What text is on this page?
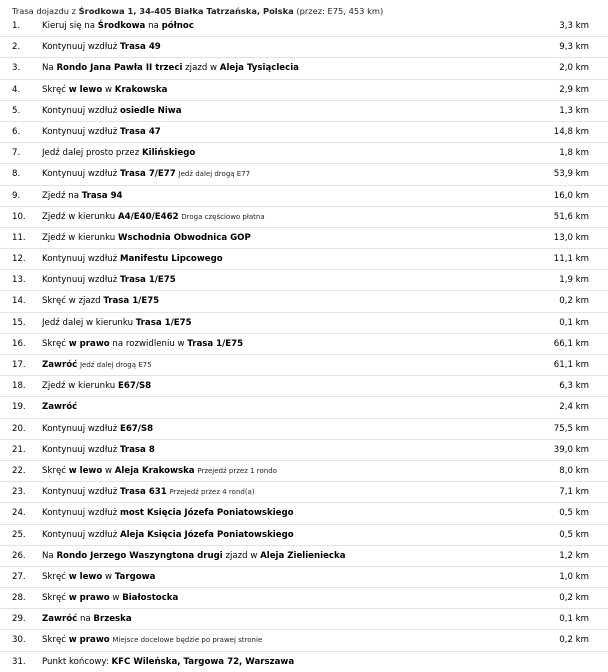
Trasa dojazdu z Środkowa 1, 34-405 Białka Tatrzańska, Polska (przez: E75, 453 km)
1.	Kieruj się na Środkowa na północ	3,3 km
2.	Kontynuuj wzdłuż Trasa 49	9,3 km
3.	Na Rondo Jana Pawła II trzeci zjazd w Aleja Tysiąclecia	2,0 km
4.	Skręć w lewo w Krakowska	2,9 km
5.	Kontynuuj wzdłuż osiedle Niwa	1,3 km
6.	Kontynuuj wzdłuż Trasa 47	14,8 km
7.	Jedź dalej prosto przez Kilińskiego	1,8 km
8.	Kontynuuj wzdłuż Trasa 7/E77 Jedź dalej drogą E77	53,9 km
9.	Zjedź na Trasa 94	16,0 km
10.	Zjedź w kierunku A4/E40/E462 Droga częściowo płatna	51,6 km
11.	Zjedź w kierunku Wschodnia Obwodnica GOP	13,0 km
12.	Kontynuuj wzdłuż Manifestu Lipcowego	11,1 km
13.	Kontynuuj wzdłuż Trasa 1/E75	1,9 km
14.	Skręć w zjazd Trasa 1/E75	0,2 km
15.	Jedź dalej w kierunku Trasa 1/E75	0,1 km
16.	Skręć w prawo na rozwidleniu w Trasa 1/E75	66,1 km
17.	Zawróć Jedź dalej drogą E75	61,1 km
18.	Zjedź w kierunku E67/S8	6,3 km
19.	Zawróć	2,4 km
20.	Kontynuuj wzdłuż E67/S8	75,5 km
21.	Kontynuuj wzdłuż Trasa 8	39,0 km
22.	Skręć w lewo w Aleja Krakowska Przejedź przez 1 rondo	8,0 km
23.	Kontynuuj wzdłuż Trasa 631 Przejedź przez 4 rond(a)	7,1 km
24.	Kontynuuj wzdłuż most Księcia Józefa Poniatowskiego	0,5 km
25.	Kontynuuj wzdłuż Aleja Księcia Józefa Poniatowskiego	0,5 km
26.	Na Rondo Jerzego Waszyngtona drugi zjazd w Aleja Zielieniecka	1,2 km
27.	Skręć w lewo w Targowa	1,0 km
28.	Skręć w prawo w Białostocka	0,2 km
29.	Zawróć na Brzeska	0,1 km
30.	Skręć w prawo Miejsce docelowe będzie po prawej stronie	0,2 km
31.	Punkt końcowy: KFC Wileńska, Targowa 72, Warszawa
